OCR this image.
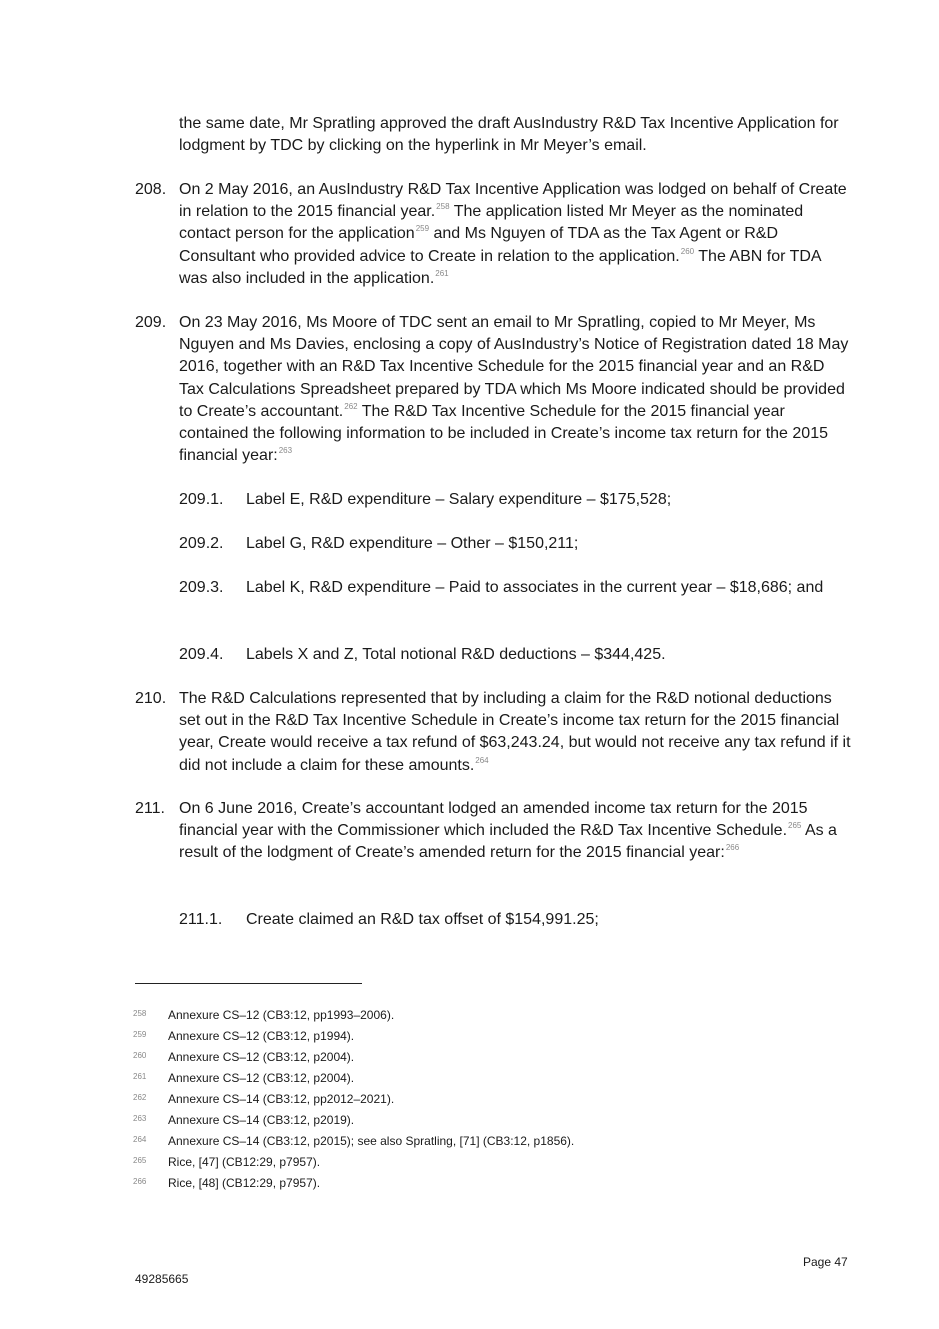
the same date, Mr Spratling approved the draft AusIndustry R&D Tax Incentive Application for lodgment by TDC by clicking on the hyperlink in Mr Meyer’s email.
208. On 2 May 2016, an AusIndustry R&D Tax Incentive Application was lodged on behalf of Create in relation to the 2015 financial year.$^{258}$ The application listed Mr Meyer as the nominated contact person for the application$^{259}$ and Ms Nguyen of TDA as the Tax Agent or R&D Consultant who provided advice to Create in relation to the application.$^{260}$ The ABN for TDA was also included in the application.$^{261}$
209. On 23 May 2016, Ms Moore of TDC sent an email to Mr Spratling, copied to Mr Meyer, Ms Nguyen and Ms Davies, enclosing a copy of AusIndustry’s Notice of Registration dated 18 May 2016, together with an R&D Tax Incentive Schedule for the 2015 financial year and an R&D Tax Calculations Spreadsheet prepared by TDA which Ms Moore indicated should be provided to Create’s accountant.$^{262}$ The R&D Tax Incentive Schedule for the 2015 financial year contained the following information to be included in Create’s income tax return for the 2015 financial year:$^{263}$
209.1. Label E, R&D expenditure – Salary expenditure – $175,528;
209.2. Label G, R&D expenditure – Other – $150,211;
209.3. Label K, R&D expenditure – Paid to associates in the current year – $18,686; and
209.4. Labels X and Z, Total notional R&D deductions – $344,425.
210. The R&D Calculations represented that by including a claim for the R&D notional deductions set out in the R&D Tax Incentive Schedule in Create’s income tax return for the 2015 financial year, Create would receive a tax refund of $63,243.24, but would not receive any tax refund if it did not include a claim for these amounts.$^{264}$
211. On 6 June 2016, Create’s accountant lodged an amended income tax return for the 2015 financial year with the Commissioner which included the R&D Tax Incentive Schedule.$^{265}$ As a result of the lodgment of Create’s amended return for the 2015 financial year:$^{266}$
211.1. Create claimed an R&D tax offset of $154,991.25;
258 Annexure CS–12 (CB3:12, pp1993–2006).
259 Annexure CS–12 (CB3:12, p1994).
260 Annexure CS–12 (CB3:12, p2004).
261 Annexure CS–12 (CB3:12, p2004).
262 Annexure CS–14 (CB3:12, pp2012–2021).
263 Annexure CS–14 (CB3:12, p2019).
264 Annexure CS–14 (CB3:12, p2015); see also Spratling, [71] (CB3:12, p1856).
265 Rice, [47] (CB12:29, p7957).
266 Rice, [48] (CB12:29, p7957).
Page 47
49285665
